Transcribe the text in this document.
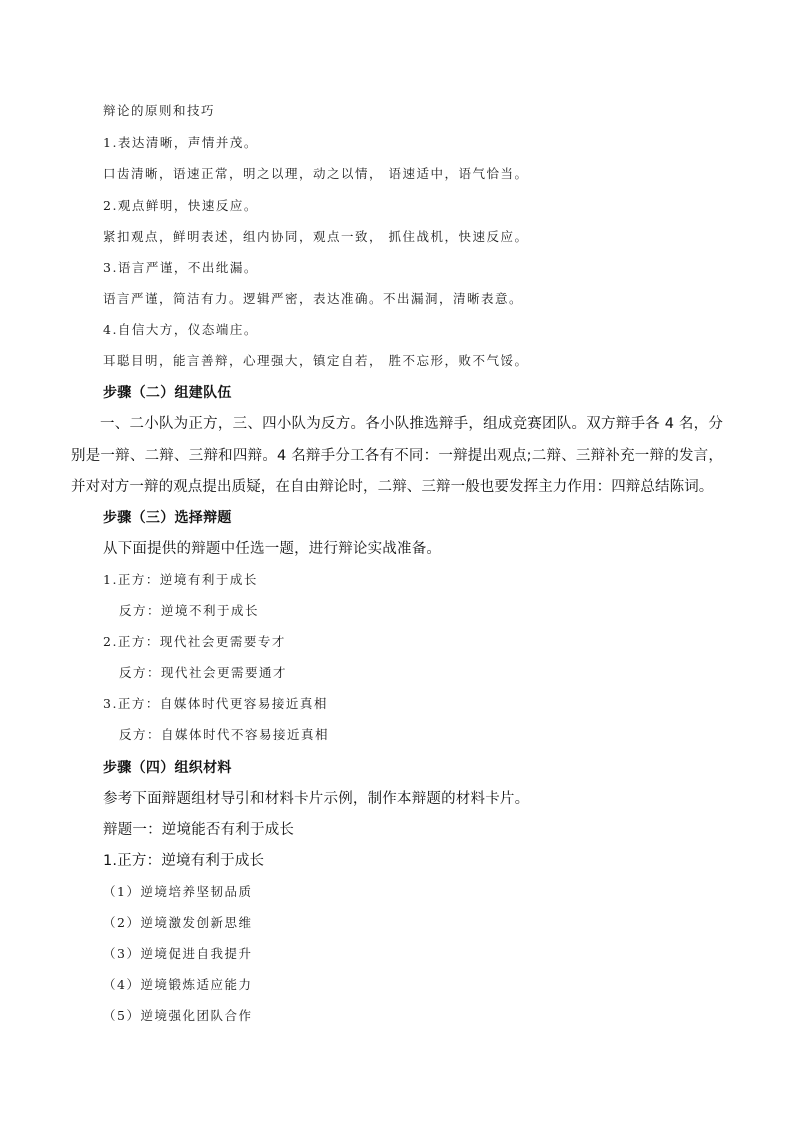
辩论的原则和技巧
1.表达清晰，声情并茂。
口齿清晰，语速正常，明之以理，动之以情， 语速适中，语气恰当。
2.观点鲜明，快速反应。
紧扣观点，鲜明表述，组内协同，观点一致， 抓住战机，快速反应。
3.语言严谨，不出纰漏。
语言严谨，简洁有力。逻辑严密，表达准确。不出漏洞，清晰表意。
4.自信大方，仪态端庄。
耳聪目明，能言善辩，心理强大，镇定自若， 胜不忘形，败不气馁。
步骤（二）组建队伍
一、二小队为正方，三、四小队为反方。各小队推选辩手，组成竞赛团队。双方辩手各 4 名，分别是一辩、二辩、三辩和四辩。4 名辩手分工各有不同：一辩提出观点;二辩、三辩补充一辩的发言，并对对方一辩的观点提出质疑，在自由辩论时，二辩、三辩一般也要发挥主力作用：四辩总结陈词。
步骤（三）选择辩题
从下面提供的辩题中任选一题，进行辩论实战准备。
1.正方：逆境有利于成长
反方：逆境不利于成长
2.正方：现代社会更需要专才
反方：现代社会更需要通才
3.正方：自媒体时代更容易接近真相
反方：自媒体时代不容易接近真相
步骤（四）组织材料
参考下面辩题组材导引和材料卡片示例，制作本辩题的材料卡片。
辩题一：逆境能否有利于成长
1.正方：逆境有利于成长
（1）逆境培养坚韧品质
（2）逆境激发创新思维
（3）逆境促进自我提升
（4）逆境锻炼适应能力
（5）逆境强化团队合作
